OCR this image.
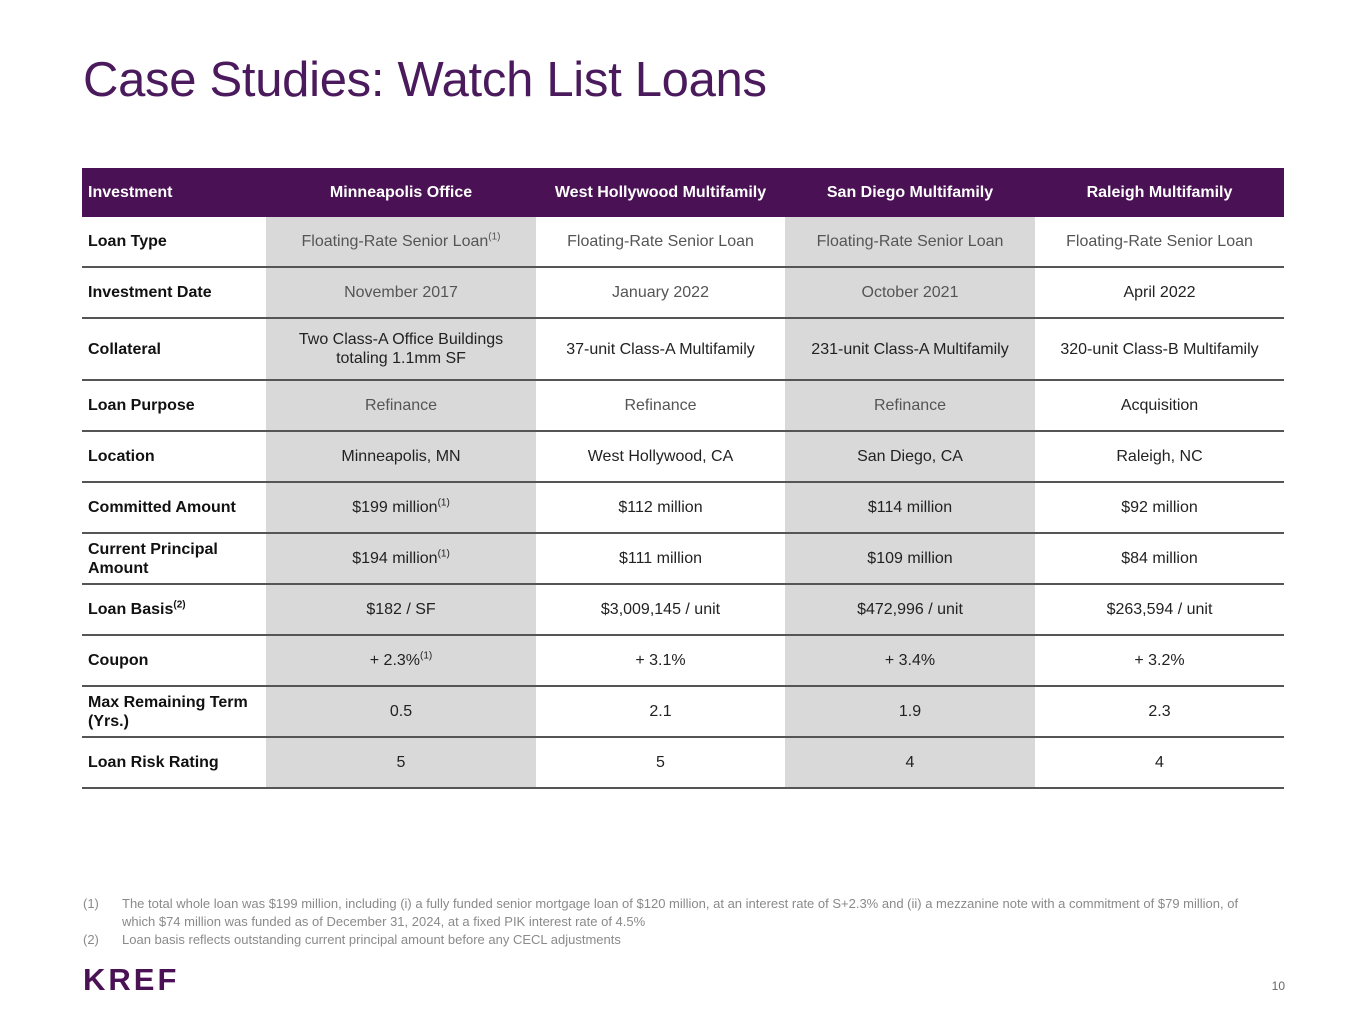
Case Studies: Watch List Loans
Investment	Minneapolis Office	West Hollywood Multifamily	San Diego Multifamily	Raleigh Multifamily
Loan Type	Floating-Rate Senior Loan$^{(1)}$	Floating-Rate Senior Loan	Floating-Rate Senior Loan	Floating-Rate Senior Loan
Investment Date	November 2017	January 2022	October 2021	April 2022
Collateral	Two Class-A Office Buildings totaling 1.1mm SF	37-unit Class-A Multifamily	231-unit Class-A Multifamily	320-unit Class-B Multifamily
Loan Purpose	Refinance	Refinance	Refinance	Acquisition
Location	Minneapolis, MN	West Hollywood, CA	San Diego, CA	Raleigh, NC
Committed Amount	$199 million$^{(1)}$	$112 million	$114 million	$92 million
Current Principal Amount	$194 million$^{(1)}$	$111 million	$109 million	$84 million
Loan Basis$^{(2)}$	$182 / SF	$3,009,145 / unit	$472,996 / unit	$263,594 / unit
Coupon	+ 2.3%$^{(1)}$	+ 3.1%	+ 3.4%	+ 3.2%
Max Remaining Term (Yrs.)	0.5	2.1	1.9	2.3
Loan Risk Rating	5	5	4	4
(1)	The total whole loan was $199 million, including (i) a fully funded senior mortgage loan of $120 million, at an interest rate of S+2.3% and (ii) a mezzanine note with a commitment of $79 million, of which $74 million was funded as of December 31, 2024, at a fixed PIK interest rate of 4.5%
(2)	Loan basis reflects outstanding current principal amount before any CECL adjustments
KREF	10
